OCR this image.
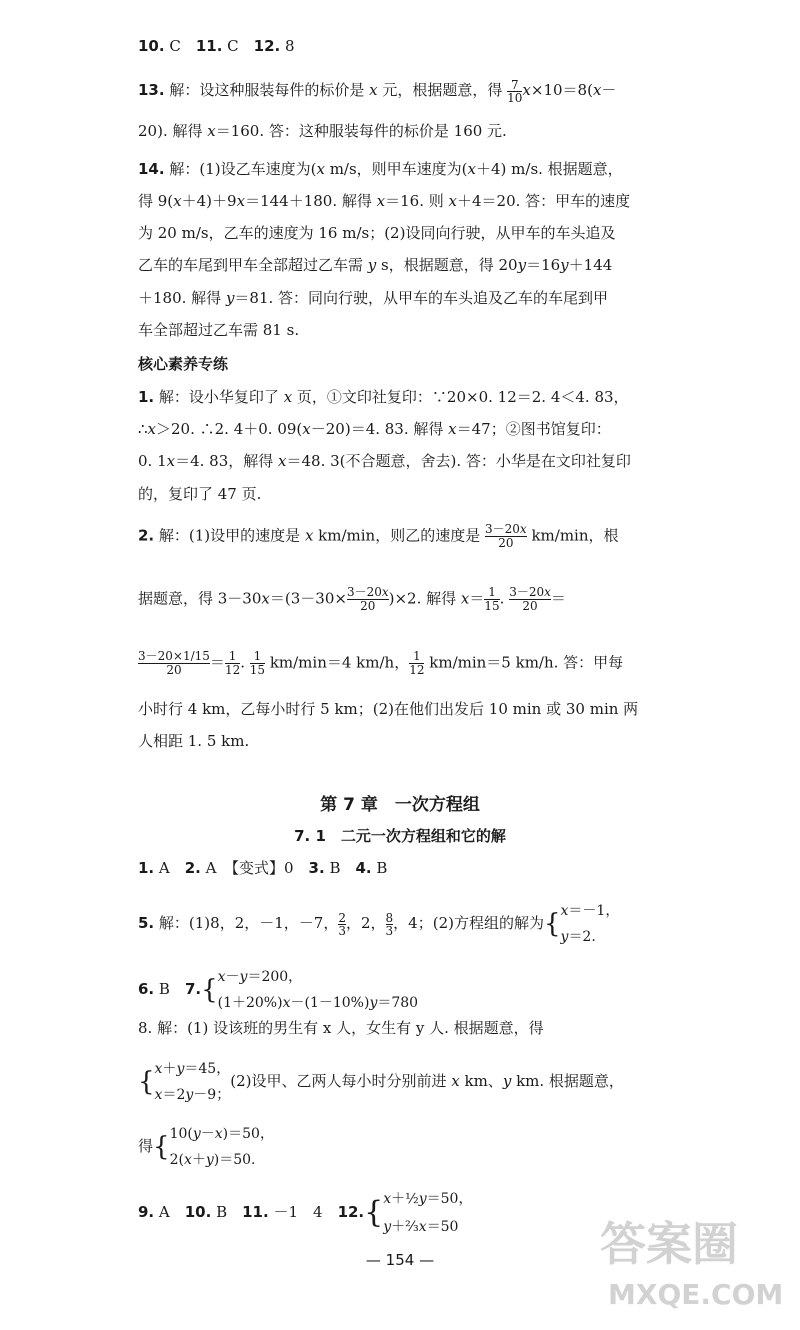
10. C　11. C　12. 8
13. 解：设这种服装每件的标价是 x 元，根据题意，得 7

10 x×10＝8(x－
20). 解得 x＝160. 答：这种服装每件的标价是 160 元.
14. 解：(1)设乙车速度为(x m/s，则甲车速度为(x＋4) m/s. 根据题意，
得 9(x＋4)＋9x＝144＋180. 解得 x＝16. 则 x＋4＝20. 答：甲车的速度
为 20 m/s，乙车的速度为 16 m/s；(2)设同向行驶，从甲车的车头追及
乙车的车尾到甲车全部超过乙车需 y s，根据题意，得 20y＝16y＋144
＋180. 解得 y＝81. 答：同向行驶，从甲车的车头追及乙车的车尾到甲
车全部超过乙车需 81 s.
核心素养专练
1. 解：设小华复印了 x 页，①文印社复印：∵20×0. 12＝2. 4＜4. 83，
∴x＞20. ∴2. 4＋0. 09(x－20)＝4. 83. 解得 x＝47；②图书馆复印：
0. 1x＝4. 83，解得 x＝48. 3(不合题意，舍去). 答：小华是在文印社复印
的，复印了 47 页.
2. 解：(1)设甲的速度是 x km/min，则乙的速度是 3－20x

20 km/min，根
据题意，得 3－30x＝(3－30×3－20x

20 )×2. 解得 x＝ 1

15 . 3－20x

20 ＝
3－20×1/15

20	＝ 1

12 . 1

15 km/min＝4 km/h， 1

12 km/min＝5 km/h. 答：甲每
小时行 4 km，乙每小时行 5 km；(2)在他们出发后 10 min 或 30 min 两
人相距 1. 5 km.
第 7 章　一次方程组
7. 1　二元一次方程组和它的解
1. A　2. A　【变式】0　3. B　4. B
5. 解：(1)8，2，－1，－7，2

3 ，2，8

3 ，4；(2)方程组的解为{x＝－1，
y＝2.
6. B　7.{x－y＝200，
(1＋20%)x－(1－10%)y＝780
8. 解：(1) 设该班的男生有 x 人，女生有 y 人. 根据题意，得
{x＋y＝45，
x＝2y－9；(2)设甲、乙两人每小时分别前进 x km、y km. 根据题意，
得{10(y－x)＝50，
2(x＋y)＝50.
9. A　10. B　11. －1　4　12.{x＋½y＝50，
y＋⅔x＝50
— 154 —	答案圈
MXQE.COM
